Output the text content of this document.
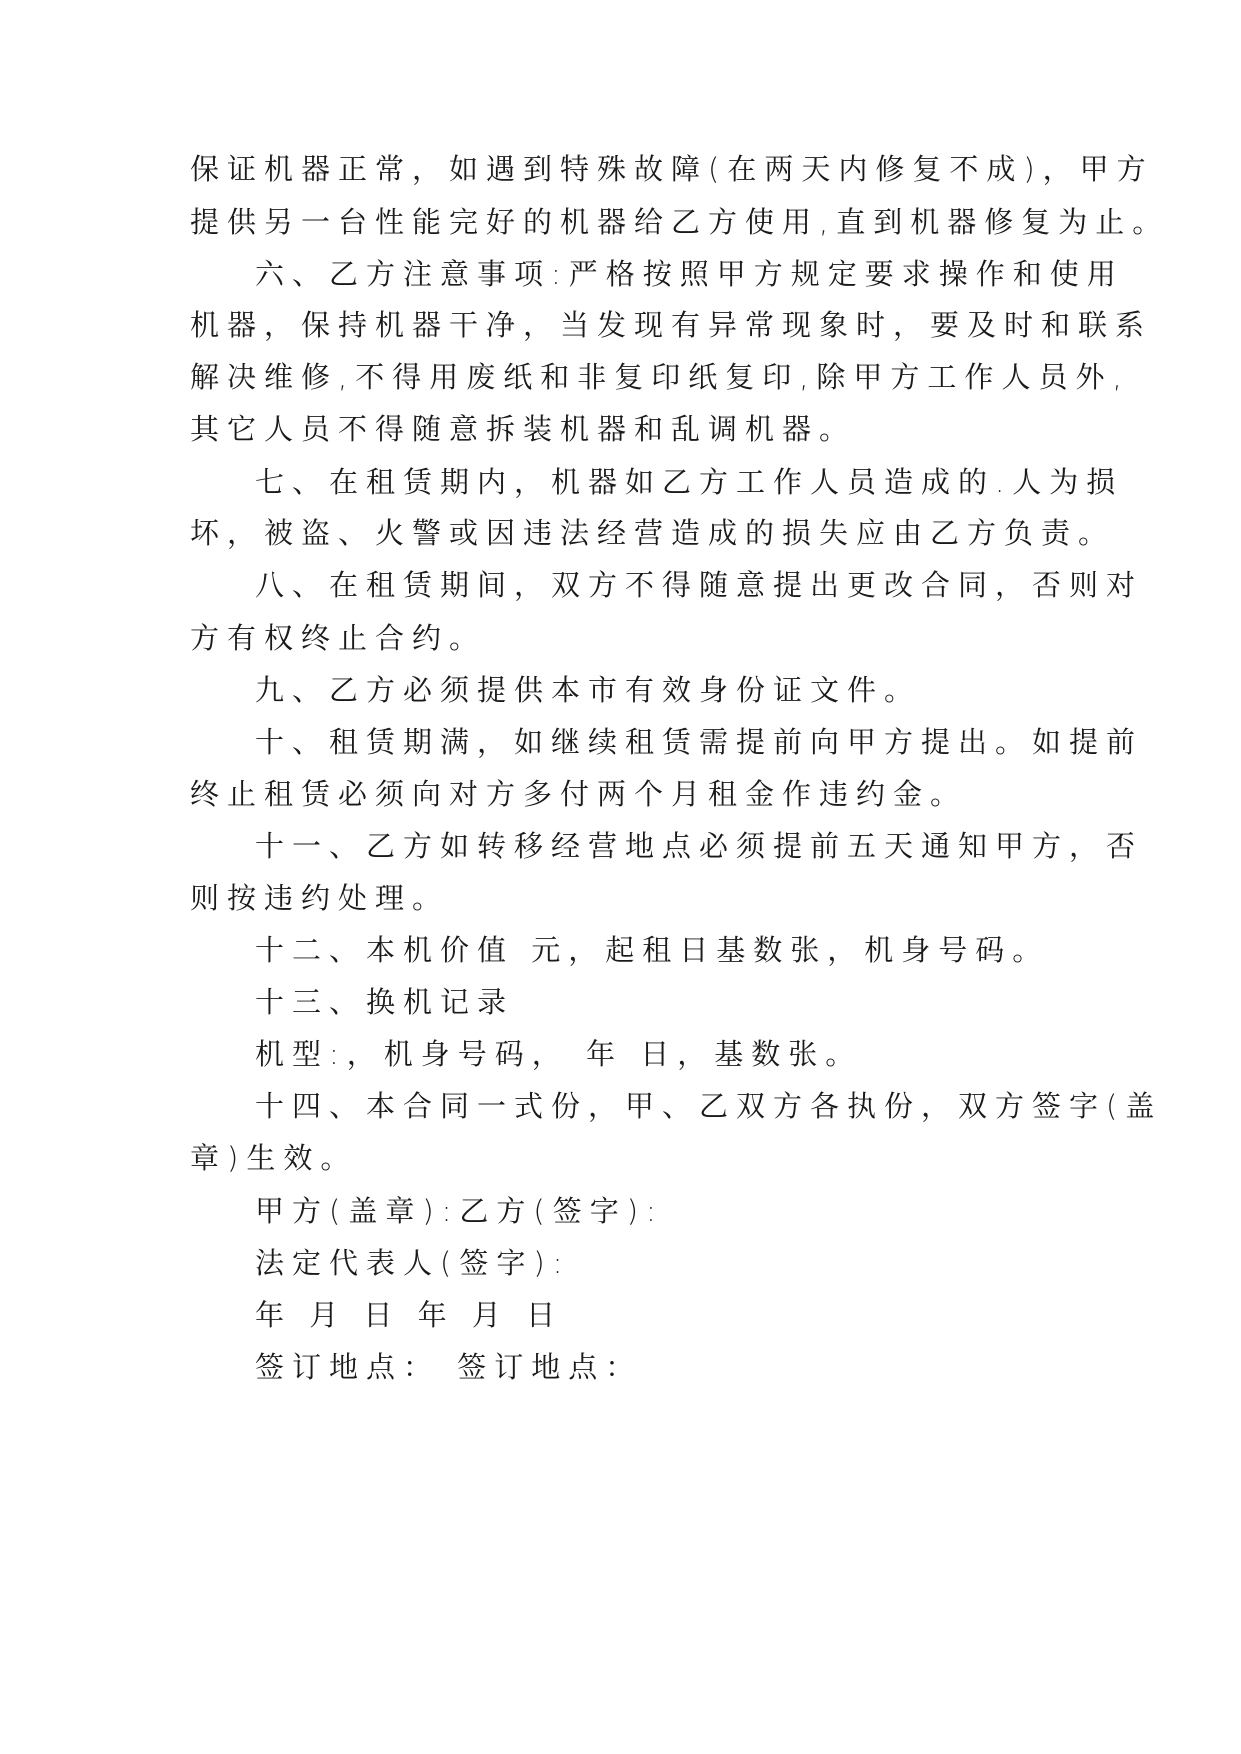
保证机器正常，如遇到特殊故障(在两天内修复不成)，甲方
提供另一台性能完好的机器给乙方使用,直到机器修复为止。
六、乙方注意事项:严格按照甲方规定要求操作和使用
机器，保持机器干净，当发现有异常现象时，要及时和联系
解决维修,不得用废纸和非复印纸复印,除甲方工作人员外,
其它人员不得随意拆装机器和乱调机器。
七、在租赁期内，机器如乙方工作人员造成的.人为损
坏，被盗、火警或因违法经营造成的损失应由乙方负责。
八、在租赁期间，双方不得随意提出更改合同，否则对
方有权终止合约。
九、乙方必须提供本市有效身份证文件。
十、租赁期满，如继续租赁需提前向甲方提出。如提前
终止租赁必须向对方多付两个月租金作违约金。
十一、乙方如转移经营地点必须提前五天通知甲方，否
则按违约处理。
十二、本机价值 元，起租日基数张，机身号码。
十三、换机记录
机型:，机身号码， 年 日，基数张。
十四、本合同一式份，甲、乙双方各执份，双方签字(盖
章)生效。
甲方(盖章):乙方(签字):
法定代表人(签字):
年 月 日 年 月 日
签订地点： 签订地点：
